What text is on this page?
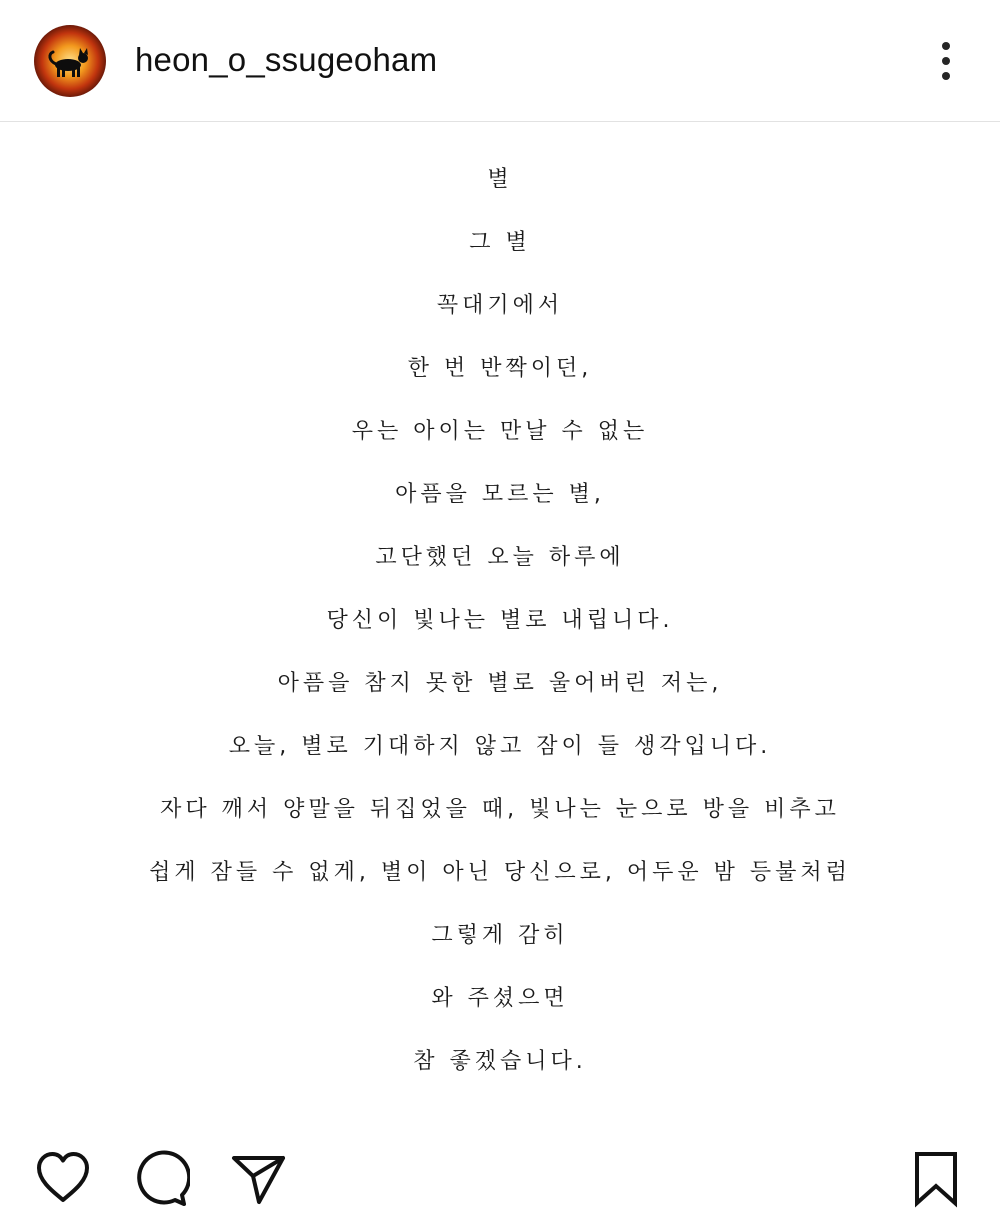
heon_o_ssugeoham
별
그 별
꼭대기에서
한 번 반짝이던,
우는 아이는 만날 수 없는
아픔을 모르는 별,
고단했던 오늘 하루에
당신이 빛나는 별로 내립니다.
아픔을 참지 못한 별로 울어버린 저는,
오늘, 별로 기대하지 않고 잠이 들 생각입니다.
자다 깨서 양말을 뒤집었을 때, 빛나는 눈으로 방을 비추고
쉽게 잠들 수 없게, 별이 아닌 당신으로, 어두운 밤 등불처럼
그렇게 감히
와 주셨으면
참 좋겠습니다.
